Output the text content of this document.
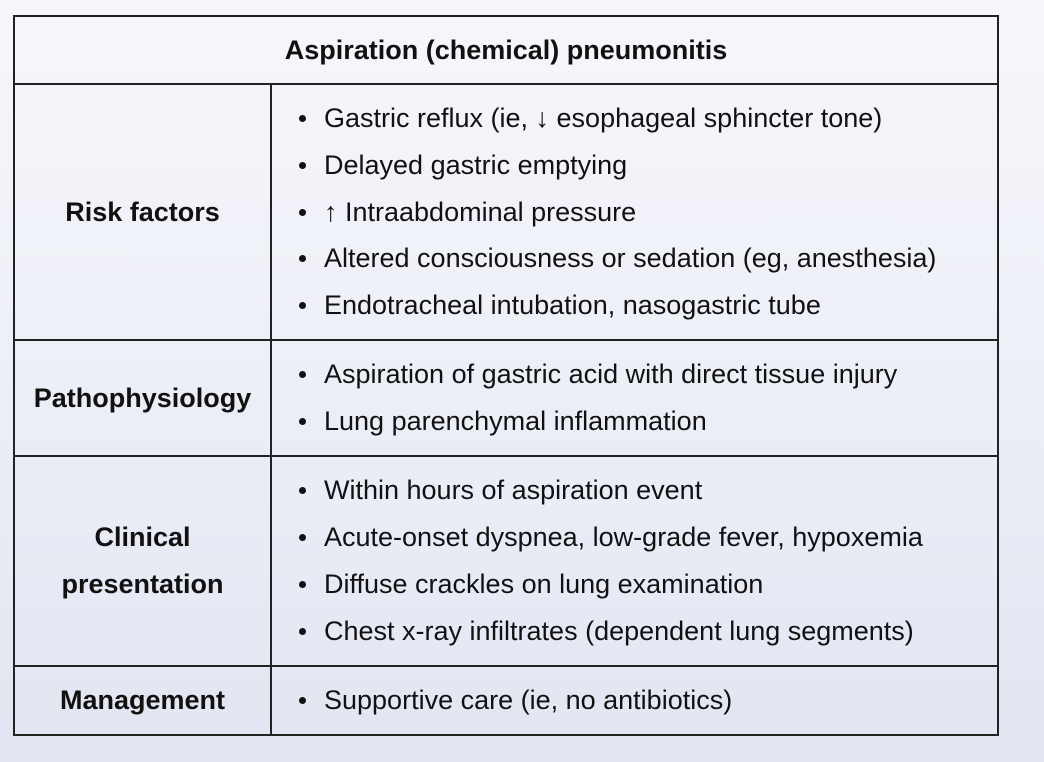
Aspiration (chemical) pneumonitis
Risk factors
Gastric reflux (ie, ↓ esophageal sphincter tone)
Delayed gastric emptying
↑ Intraabdominal pressure
Altered consciousness or sedation (eg, anesthesia)
Endotracheal intubation, nasogastric tube
Pathophysiology
Aspiration of gastric acid with direct tissue injury
Lung parenchymal inflammation
Clinical
presentation
Within hours of aspiration event
Acute-onset dyspnea, low-grade fever, hypoxemia
Diffuse crackles on lung examination
Chest x-ray infiltrates (dependent lung segments)
Management	Supportive care (ie, no antibiotics)
